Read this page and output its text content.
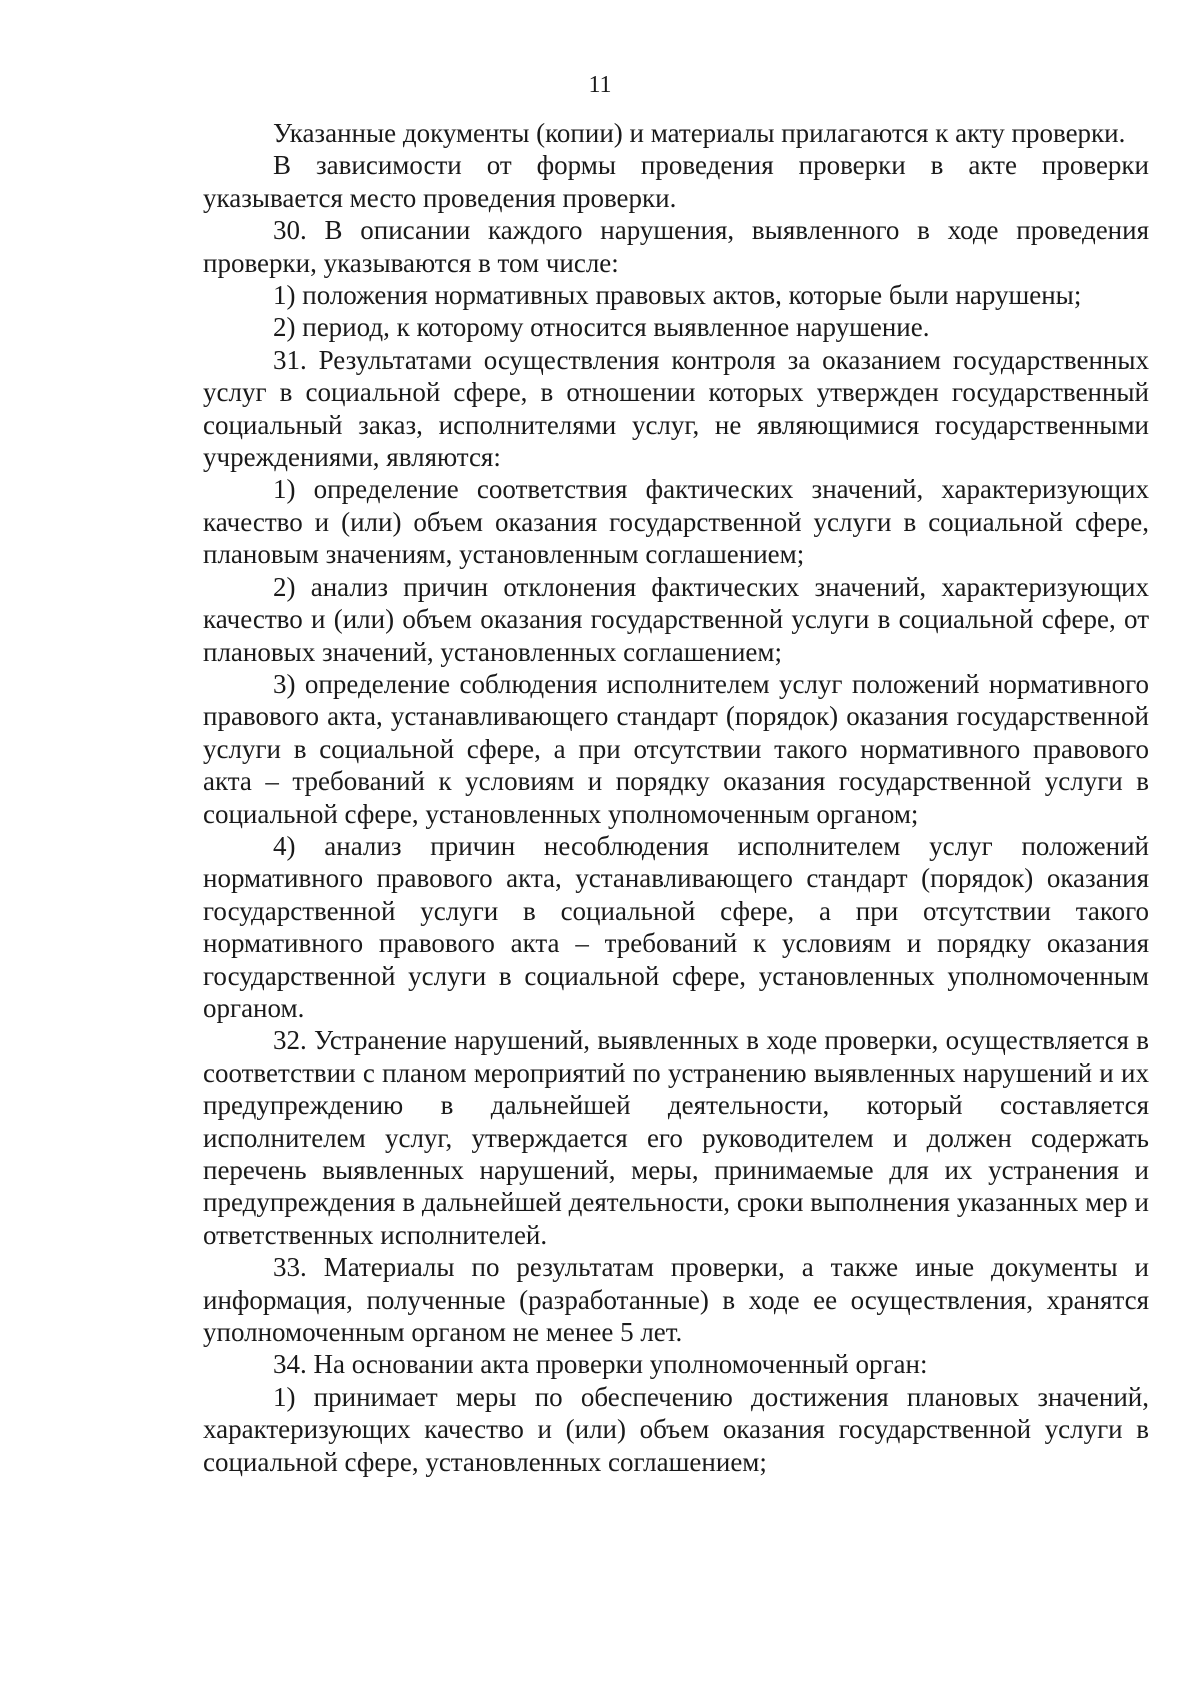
11

Указанные документы (копии) и материалы прилагаются к акту проверки.

В зависимости от формы проведения проверки в акте проверки указывается место проведения проверки.

30. В описании каждого нарушения, выявленного в ходе проведения проверки, указываются в том числе:

1) положения нормативных правовых актов, которые были нарушены;

2) период, к которому относится выявленное нарушение.

31. Результатами осуществления контроля за оказанием государственных услуг в социальной сфере, в отношении которых утвержден государственный социальный заказ, исполнителями услуг, не являющимися государственными учреждениями, являются:

1) определение соответствия фактических значений, характеризующих качество и (или) объем оказания государственной услуги в социальной сфере, плановым значениям, установленным соглашением;

2) анализ причин отклонения фактических значений, характеризующих качество и (или) объем оказания государственной услуги в социальной сфере, от плановых значений, установленных соглашением;

3) определение соблюдения исполнителем услуг положений нормативного правового акта, устанавливающего стандарт (порядок) оказания государственной услуги в социальной сфере, а при отсутствии такого нормативного правового акта – требований к условиям и порядку оказания государственной услуги в социальной сфере, установленных уполномоченным органом;

4) анализ причин несоблюдения исполнителем услуг положений нормативного правового акта, устанавливающего стандарт (порядок) оказания государственной услуги в социальной сфере, а при отсутствии такого нормативного правового акта – требований к условиям и порядку оказания государственной услуги в социальной сфере, установленных уполномоченным органом.

32. Устранение нарушений, выявленных в ходе проверки, осуществляется в соответствии с планом мероприятий по устранению выявленных нарушений и их предупреждению в дальнейшей деятельности, который составляется исполнителем услуг, утверждается его руководителем и должен содержать перечень выявленных нарушений, меры, принимаемые для их устранения и предупреждения в дальнейшей деятельности, сроки выполнения указанных мер и ответственных исполнителей.

33. Материалы по результатам проверки, а также иные документы и информация, полученные (разработанные) в ходе ее осуществления, хранятся уполномоченным органом не менее 5 лет.

34. На основании акта проверки уполномоченный орган:

1) принимает меры по обеспечению достижения плановых значений, характеризующих качество и (или) объем оказания государственной услуги в социальной сфере, установленных соглашением;
